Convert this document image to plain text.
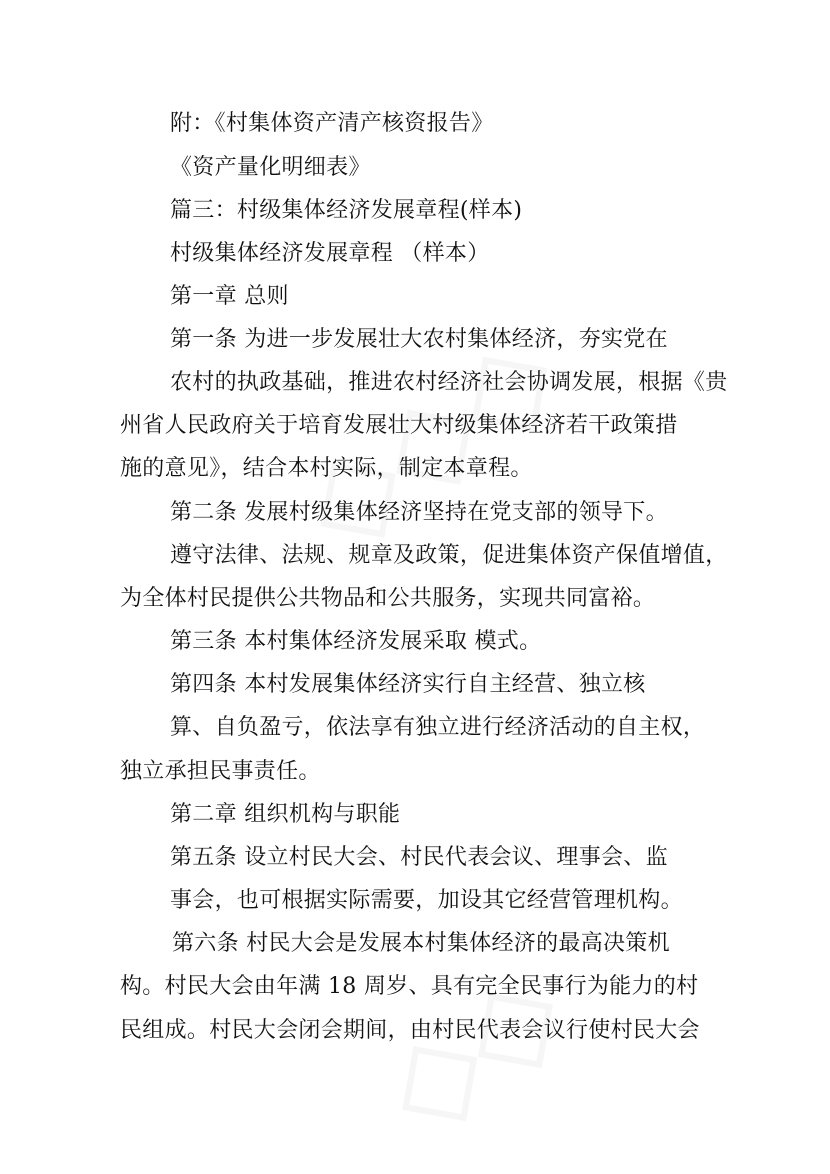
附：《村集体资产清产核资报告》
《资产量化明细表》
篇三：村级集体经济发展章程(样本)
村级集体经济发展章程 （样本）
第一章 总则
第一条 为进一步发展壮大农村集体经济，夯实党在
农村的执政基础，推进农村经济社会协调发展，根据《贵
州省人民政府关于培育发展壮大村级集体经济若干政策措
施的意见》，结合本村实际，制定本章程。
第二条 发展村级集体经济坚持在党支部的领导下。
遵守法律、法规、规章及政策，促进集体资产保值增值，
为全体村民提供公共物品和公共服务，实现共同富裕。
第三条 本村集体经济发展采取 模式。
第四条 本村发展集体经济实行自主经营、独立核
算、自负盈亏，依法享有独立进行经济活动的自主权，
独立承担民事责任。
第二章 组织机构与职能
第五条 设立村民大会、村民代表会议、理事会、监
事会，也可根据实际需要，加设其它经营管理机构。
第六条 村民大会是发展本村集体经济的最高决策机
构。村民大会由年满 18 周岁、具有完全民事行为能力的村
民组成。村民大会闭会期间，由村民代表会议行使村民大会
